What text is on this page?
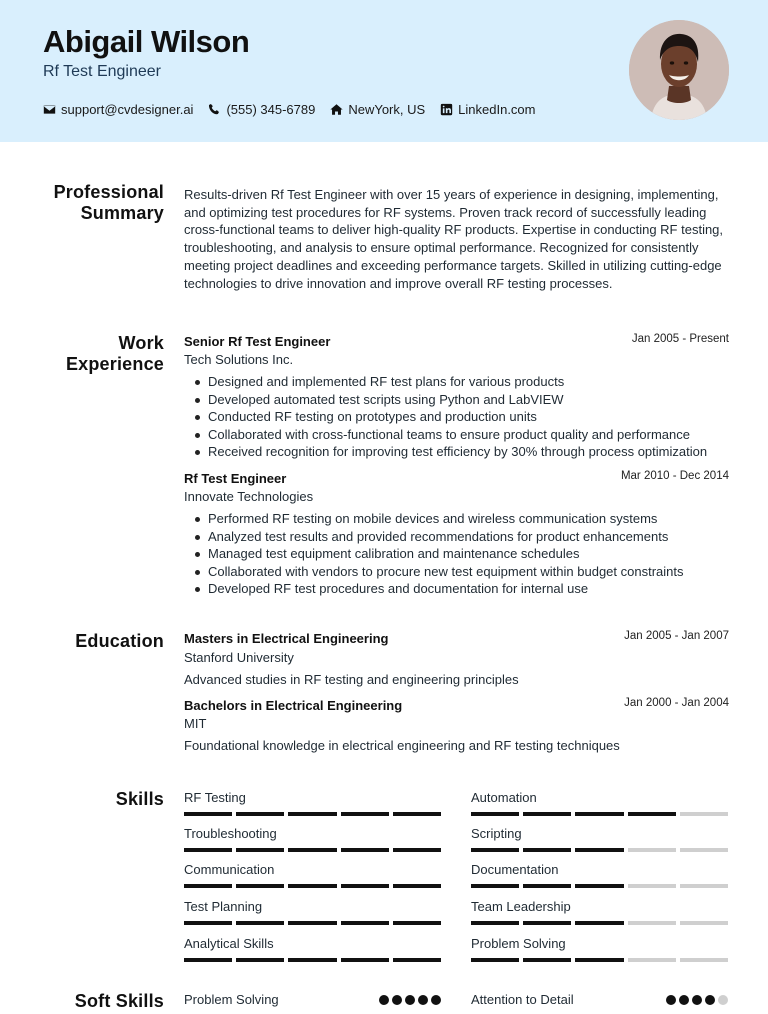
Abigail Wilson
Rf Test Engineer
support@cvdesigner.ai	(555) 345-6789	NewYork, US	LinkedIn.com
Professional
Summary
Results-driven Rf Test Engineer with over 15 years of experience in designing, implementing, and optimizing test procedures for RF systems. Proven track record of successfully leading cross-functional teams to deliver high-quality RF products. Expertise in conducting RF testing, troubleshooting, and analysis to ensure optimal performance. Recognized for consistently meeting project deadlines and exceeding performance targets. Skilled in utilizing cutting-edge technologies to drive innovation and improve overall RF testing processes.
Work
Experience
Senior Rf Test Engineer	Jan 2005 - Present
Tech Solutions Inc.
Designed and implemented RF test plans for various products
Developed automated test scripts using Python and LabVIEW
Conducted RF testing on prototypes and production units
Collaborated with cross-functional teams to ensure product quality and performance
Received recognition for improving test efficiency by 30% through process optimization
Rf Test Engineer	Mar 2010 - Dec 2014
Innovate Technologies
Performed RF testing on mobile devices and wireless communication systems
Analyzed test results and provided recommendations for product enhancements
Managed test equipment calibration and maintenance schedules
Collaborated with vendors to procure new test equipment within budget constraints
Developed RF test procedures and documentation for internal use
Education Masters in Electrical Engineering	Jan 2005 - Jan 2007
Stanford University
Advanced studies in RF testing and engineering principles
Bachelors in Electrical Engineering	Jan 2000 - Jan 2004
MIT
Foundational knowledge in electrical engineering and RF testing techniques
Skills RF Testing	Automation
Troubleshooting	Scripting
Communication	Documentation
Test Planning	Team Leadership
Analytical Skills	Problem Solving
Soft Skills Problem Solving	Attention to Detail
